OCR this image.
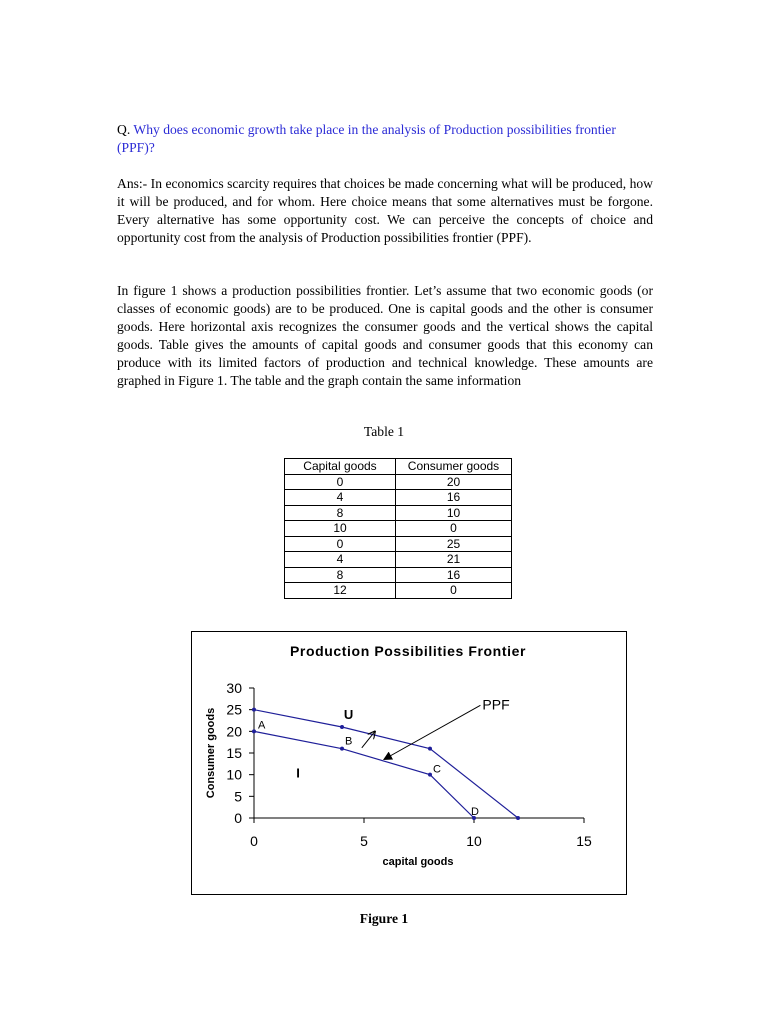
Q. Why does economic growth take place in the analysis of Production possibilities frontier (PPF)?

Ans:- In economics scarcity requires that choices be made concerning what will be produced, how it will be produced, and for whom. Here choice means that some alternatives must be forgone. Every alternative has some opportunity cost. We can perceive the concepts of choice and opportunity cost from the analysis of Production possibilities frontier (PPF).

In figure 1 shows a production possibilities frontier. Let’s assume that two economic goods (or classes of economic goods) are to be produced. One is capital goods and the other is consumer goods. Here horizontal axis recognizes the consumer goods and the vertical shows the capital goods. Table gives the amounts of capital goods and consumer goods that this economy can produce with its limited factors of production and technical knowledge. These amounts are graphed in Figure 1. The table and the graph contain the same information

Table 1
Capital goods	Consumer goods
0	20
4	16
8	10
10	0
0	25
4	21
8	16
12	0
Production Possibilities Frontier
0
5
10
15
20
25
30
0	5	10	15
capital goods
Consumer goods	A
B
C
D
U
I
PPF
Figure 1
